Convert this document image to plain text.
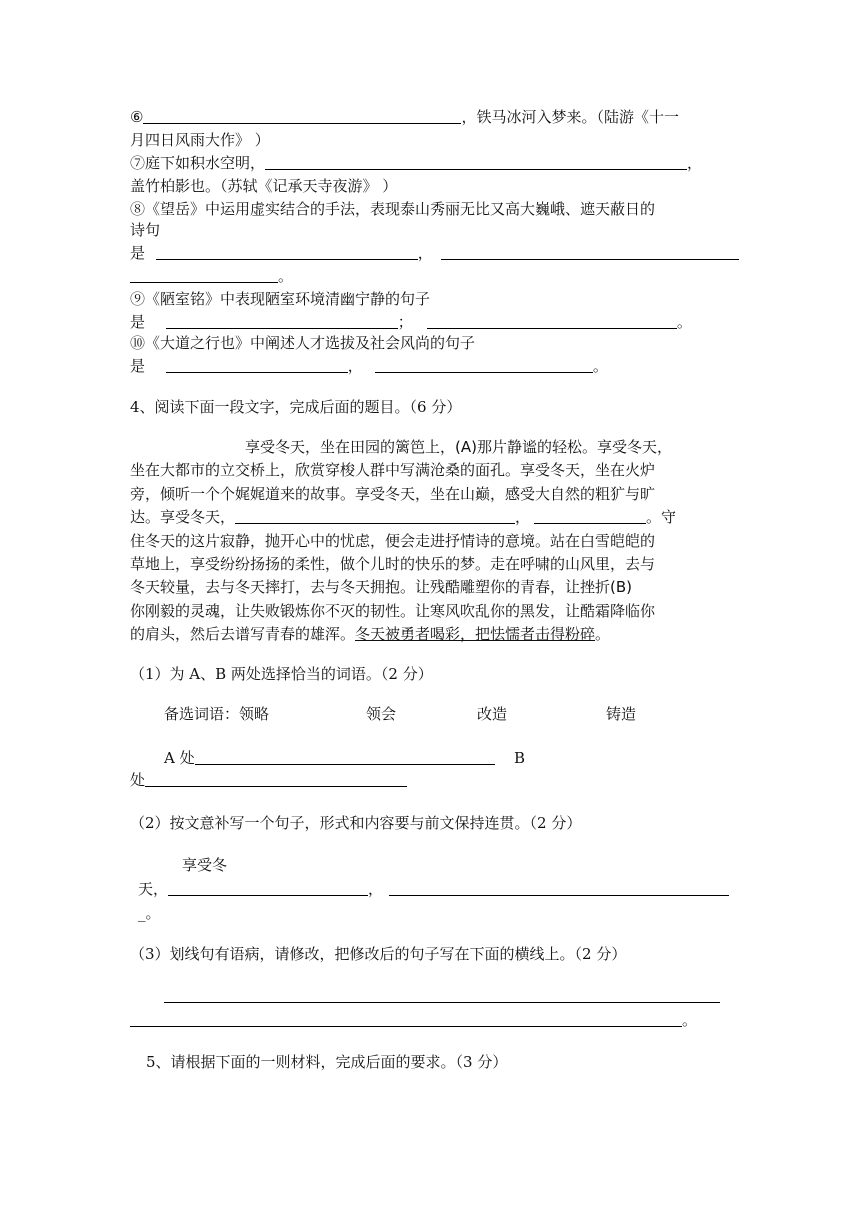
⑥	，铁马冰河入梦来。（陆游《十一
月四日风雨大作》 ）
⑦庭下如积水空明，	，
盖竹柏影也。（苏轼《记承天寺夜游》 ）
⑧《望岳》中运用虚实结合的手法，表现泰山秀丽无比又高大巍峨、遮天蔽日的
诗句
是	，
。
⑨《陋室铭》中表现陋室环境清幽宁静的句子
是	；	。
⑩《大道之行也》中阐述人才选拔及社会风尚的句子
是	，	。
4、阅读下面一段文字，完成后面的题目。（6 分）
享受冬天，坐在田园的篱笆上，(A)那片静谧的轻松。享受冬天，
坐在大都市的立交桥上，欣赏穿梭人群中写满沧桑的面孔。享受冬天，坐在火炉
旁，倾听一个个娓娓道来的故事。享受冬天，坐在山巅，感受大自然的粗犷与旷
达。享受冬天，	，	。守
住冬天的这片寂静，抛开心中的忧虑，便会走进抒情诗的意境。站在白雪皑皑的
草地上，享受纷纷扬扬的柔性，做个儿时的快乐的梦。走在呼啸的山风里，去与
冬天较量，去与冬天摔打，去与冬天拥抱。让残酷雕塑你的青春，让挫折(B)
你刚毅的灵魂，让失败锻炼你不灭的韧性。让寒风吹乱你的黑发，让酷霜降临你
的肩头，然后去谱写青春的雄浑。冬天被勇者喝彩，把怯懦者击得粉碎。
（1）为 A、B 两处选择恰当的词语。（2 分）
备选词语：领略	领会	改造	铸造
A 处	B
处
（2）按文意补写一个句子，形式和内容要与前文保持连贯。（2 分）
享受冬
天，	，
_。
（3）划线句有语病，请修改，把修改后的句子写在下面的横线上。（2 分）
。
5、请根据下面的一则材料，完成后面的要求。（3 分）
